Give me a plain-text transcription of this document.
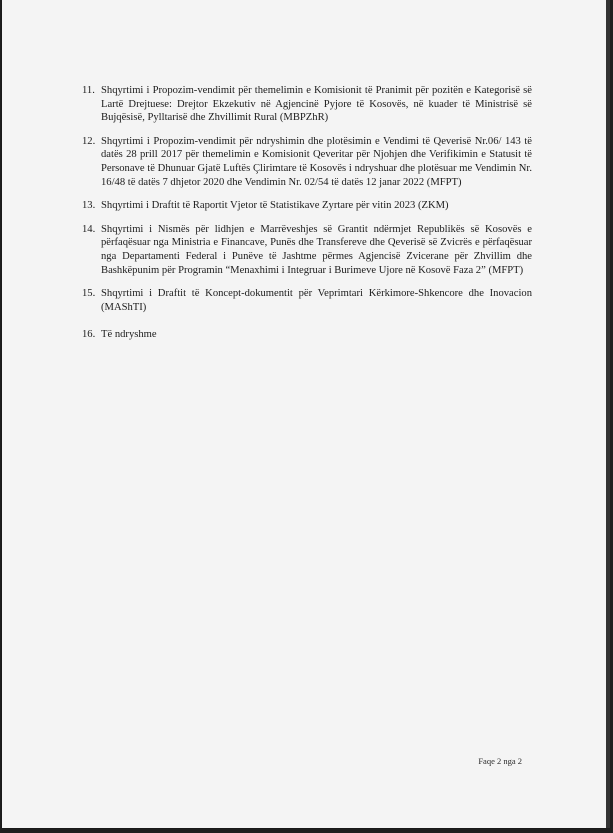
11. Shqyrtimi i Propozim-vendimit për themelimin e Komisionit të Pranimit për pozitën e Kategorisë së Lartë Drejtuese: Drejtor Ekzekutiv në Agjencinë Pyjore të Kosovës, në kuader të Ministrisë së Bujqësisë, Pylltarisë dhe Zhvillimit Rural (MBPZhR)
12. Shqyrtimi i Propozim-vendimit për ndryshimin dhe plotësimin e Vendimi të Qeverisë Nr.06/ 143 të datës 28 prill 2017 për themelimin e Komisionit Qeveritar për Njohjen dhe Verifikimin e Statusit të Personave të Dhunuar Gjatë Luftës Çlirimtare të Kosovës i ndryshuar dhe plotësuar me Vendimin Nr. 16/48 të datës 7 dhjetor 2020 dhe Vendimin Nr. 02/54 të datës 12 janar 2022 (MFPT)
13. Shqyrtimi i Draftit të Raportit Vjetor të Statistikave Zyrtare për vitin 2023 (ZKM)
14. Shqyrtimi i Nismës për lidhjen e Marrëveshjes së Grantit ndërmjet Republikës së Kosovës e përfaqësuar nga Ministria e Financave, Punës dhe Transfereve dhe Qeverisë së Zvicrës e përfaqësuar nga Departamenti Federal i Punëve të Jashtme përmes Agjencisë Zvicerane për Zhvillim dhe Bashkëpunim për Programin “Menaxhimi i Integruar i Burimeve Ujore në Kosovë Faza 2” (MFPT)
15. Shqyrtimi i Draftit të Koncept-dokumentit për Veprimtari Kërkimore-Shkencore dhe Inovacion (MAShTI)
16. Të ndryshme
Faqe 2 nga 2
